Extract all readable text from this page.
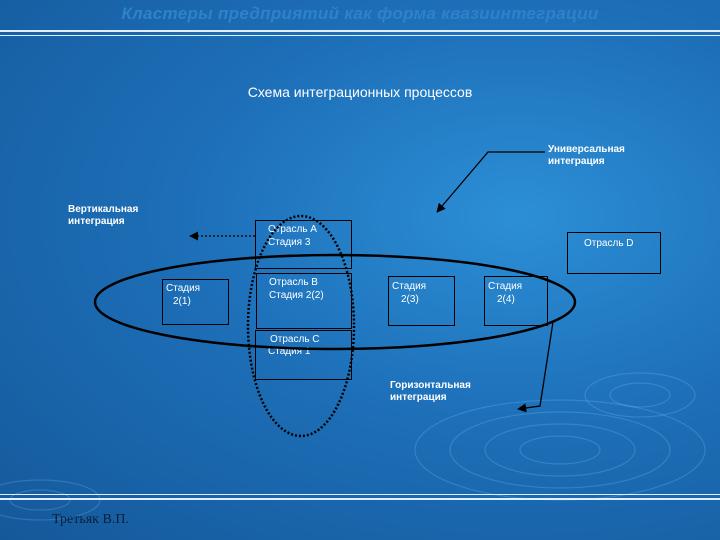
Кластеры предприятий как форма квазиинтеграции
Схема интеграционных процессов
Универсальная
интеграция
Вертикальная
интеграция
Горизонтальная
интеграция
Отрасль А
Стадия 3	Отрасль D
Стадия
2(1)
Отрасль В
Стадия 2(2)
Стадия
2(3)
Стадия
2(4)
Отрасль С
Стадия 1
Третьяк В.П.
